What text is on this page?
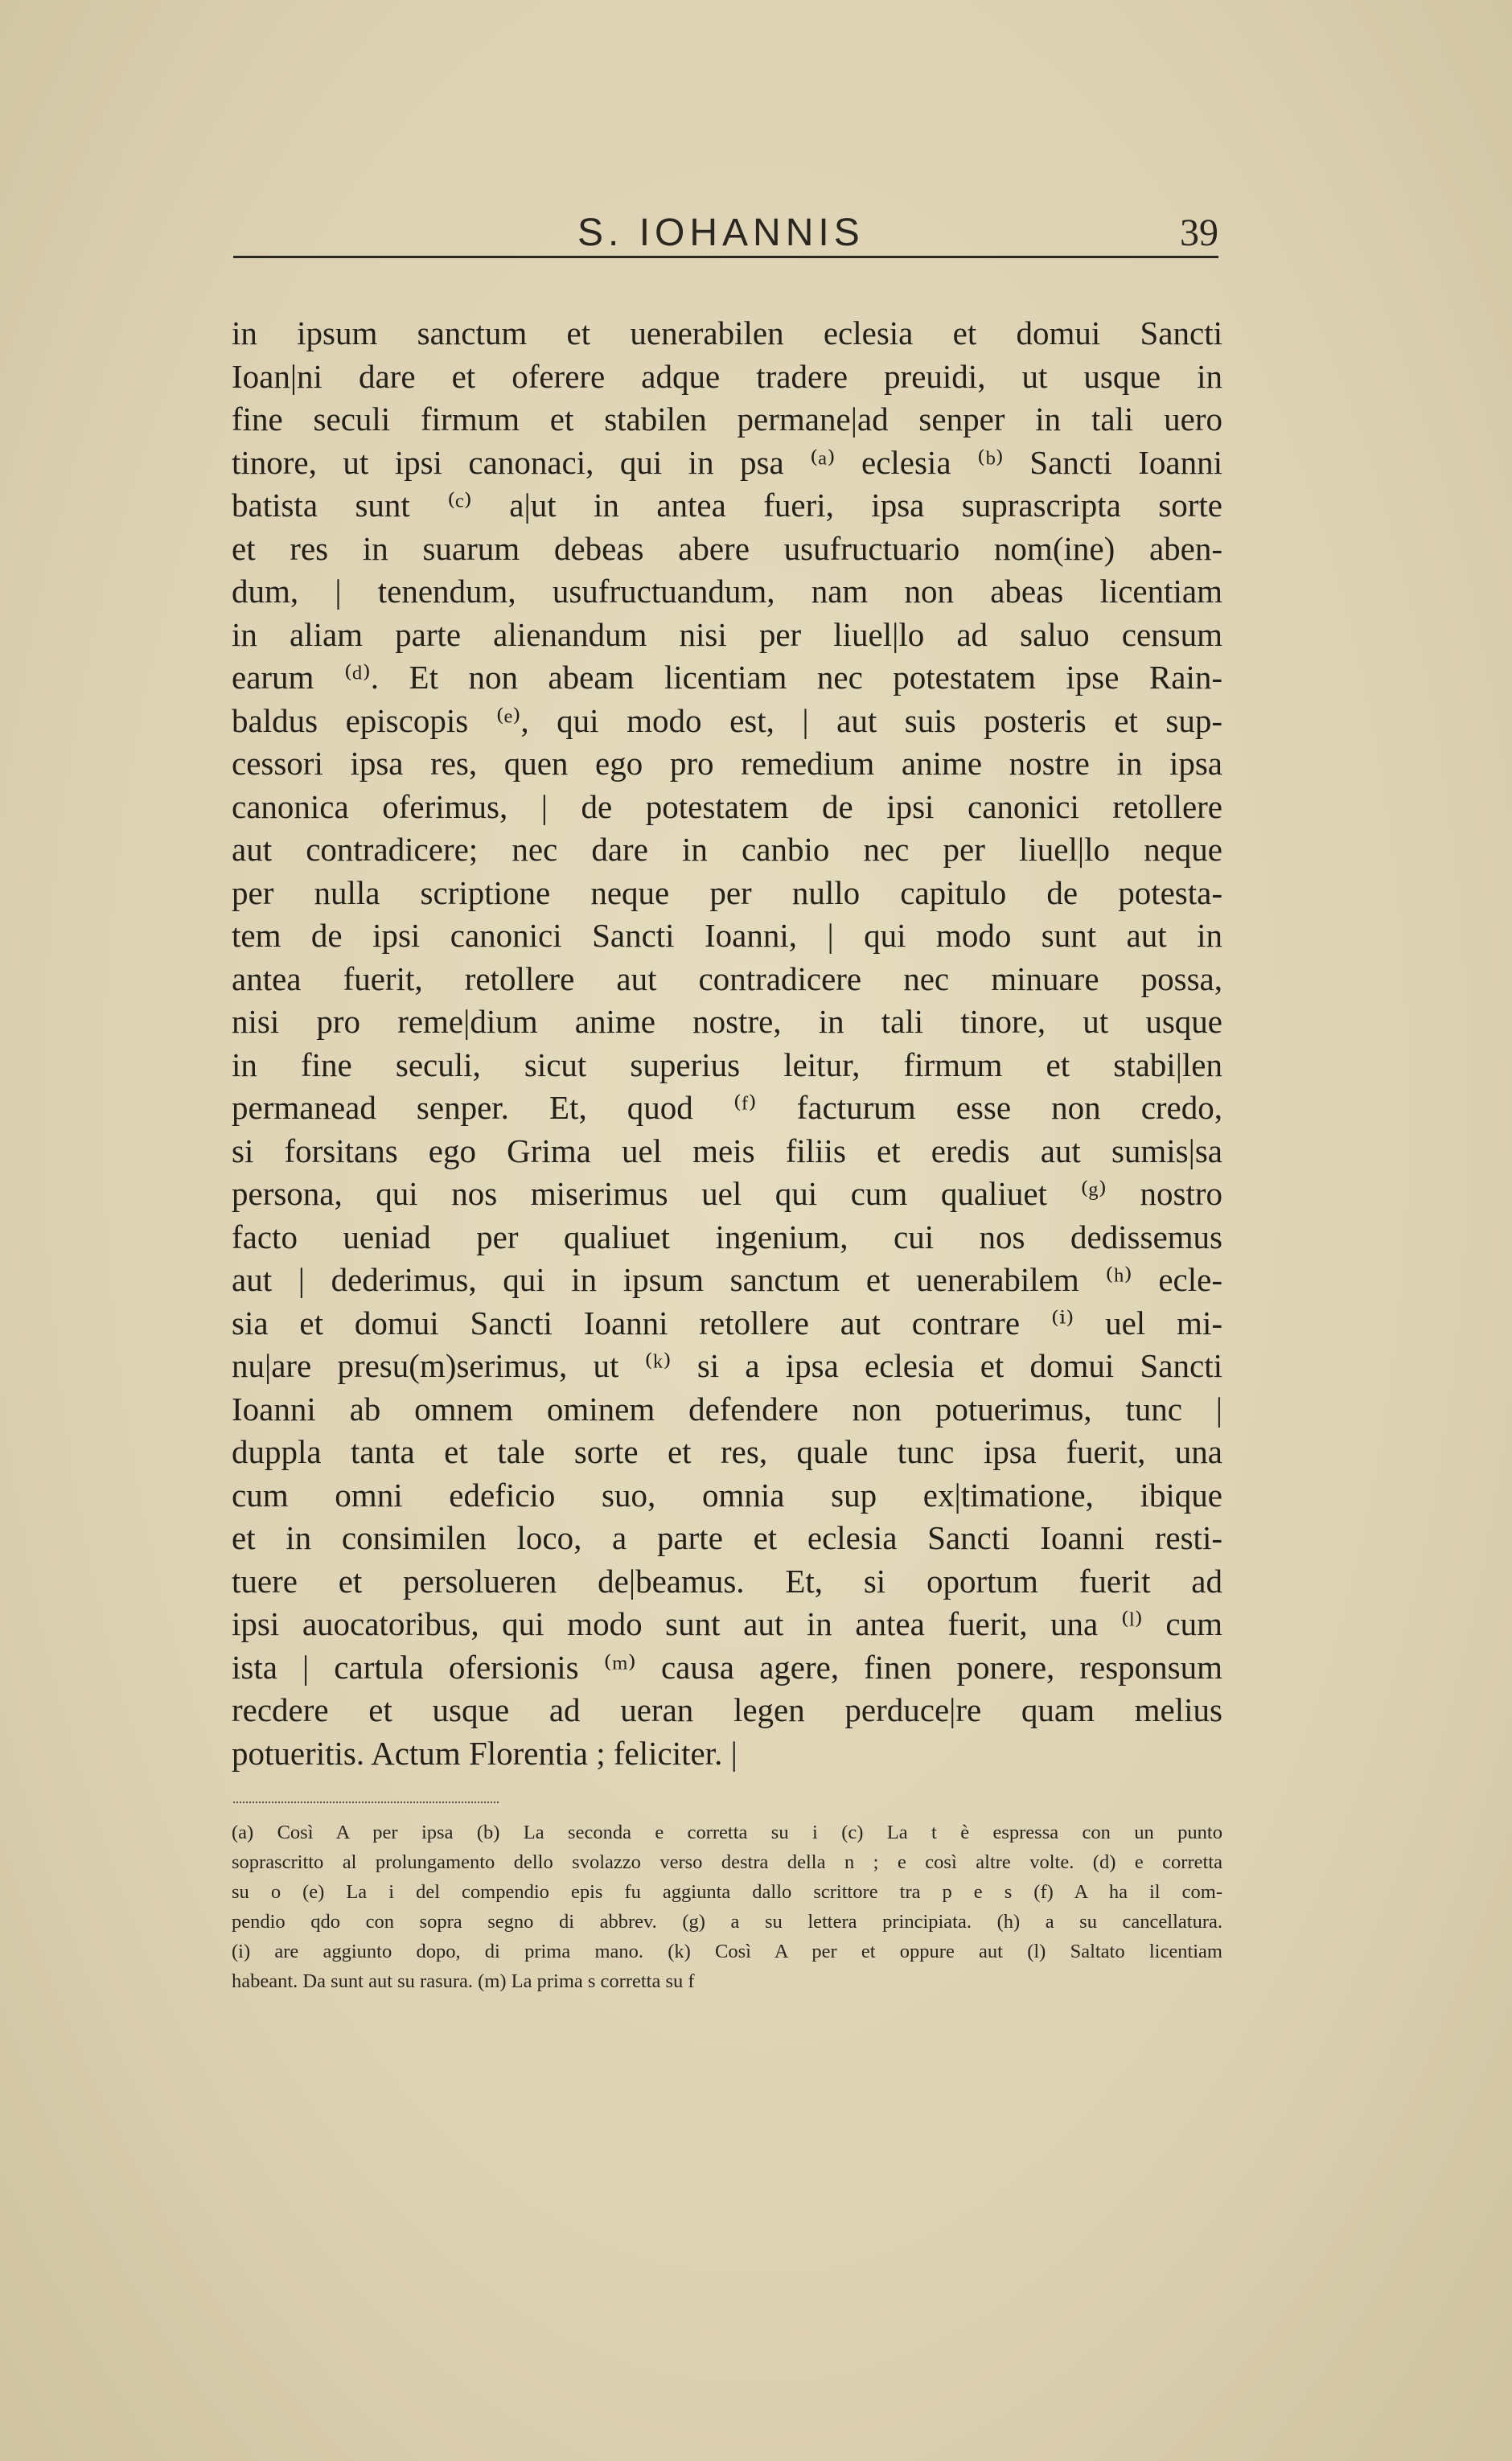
S. IOHANNIS	39
in ipsum sanctum et uenerabilen eclesia et domui Sancti
Ioan|ni dare et oferere adque tradere preuidi, ut usque in
fine seculi firmum et stabilen permane|ad senper in tali uero
tinore, ut ipsi canonaci, qui in psa ⁽ᵃ⁾ eclesia ⁽ᵇ⁾ Sancti Ioanni
batista sunt ⁽ᶜ⁾ a|ut in antea fueri, ipsa suprascripta sorte
et res in suarum debeas abere usufructuario nom(ine) aben-
dum, | tenendum, usufructuandum, nam non abeas licentiam
in aliam parte alienandum nisi per liuel|lo ad saluo censum
earum ⁽ᵈ⁾. Et non abeam licentiam nec potestatem ipse Rain-
baldus episcopis ⁽ᵉ⁾, qui modo est, | aut suis posteris et sup-
cessori ipsa res, quen ego pro remedium anime nostre in ipsa
canonica oferimus, | de potestatem de ipsi canonici retollere
aut contradicere; nec dare in canbio nec per liuel|lo neque
per nulla scriptione neque per nullo capitulo de potesta-
tem de ipsi canonici Sancti Ioanni, | qui modo sunt aut in
antea fuerit, retollere aut contradicere nec minuare possa,
nisi pro reme|dium anime nostre, in tali tinore, ut usque
in fine seculi, sicut superius leitur, firmum et stabi|len
permanead senper. Et, quod ⁽ᶠ⁾ facturum esse non credo,
si forsitans ego Grima uel meis filiis et eredis aut sumis|sa
persona, qui nos miserimus uel qui cum qualiuet ⁽ᵍ⁾ nostro
facto ueniad per qualiuet ingenium, cui nos dedissemus
aut | dederimus, qui in ipsum sanctum et uenerabilem ⁽ʰ⁾ ecle-
sia et domui Sancti Ioanni retollere aut contrare ⁽ⁱ⁾ uel mi-
nu|are presu(m)serimus, ut ⁽ᵏ⁾ si a ipsa eclesia et domui Sancti
Ioanni ab omnem ominem defendere non potuerimus, tunc |
duppla tanta et tale sorte et res, quale tunc ipsa fuerit, una
cum omni edeficio suo, omnia sup ex|timatione, ibique
et in consimilen loco, a parte et eclesia Sancti Ioanni resti-
tuere et persolueren de|beamus. Et, si oportum fuerit ad
ipsi auocatoribus, qui modo sunt aut in antea fuerit, una ⁽ˡ⁾ cum
ista | cartula ofersionis ⁽ᵐ⁾ causa agere, finen ponere, responsum
recdere et usque ad ueran legen perduce|re quam melius
potueritis. Actum Florentia ; feliciter. |
(a) Così A per ipsa (b) La seconda e corretta su i (c) La t è espressa con un punto
soprascritto al prolungamento dello svolazzo verso destra della n ; e così altre volte. (d) e corretta
su o (e) La i del compendio epis fu aggiunta dallo scrittore tra p e s (f) A ha il com-
pendio qdo con sopra segno di abbrev. (g) a su lettera principiata. (h) a su cancellatura.
(i) are aggiunto dopo, di prima mano. (k) Così A per et oppure aut (l) Saltato licentiam
habeant. Da sunt aut su rasura. (m) La prima s corretta su f
